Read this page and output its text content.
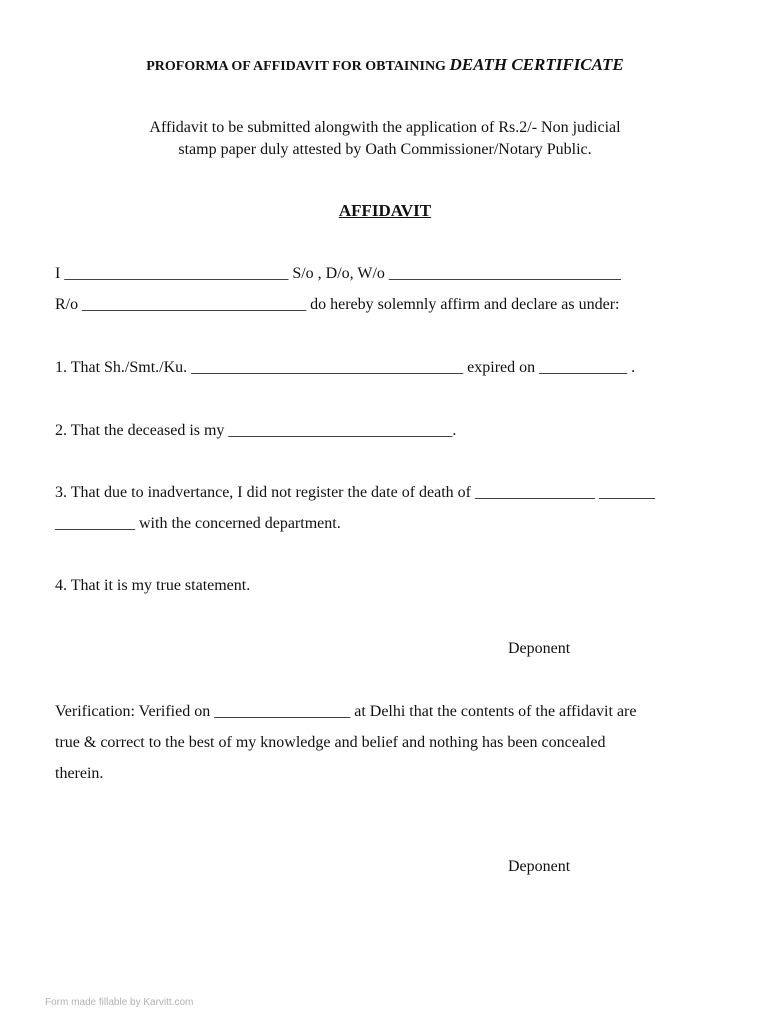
PROFORMA OF AFFIDAVIT FOR OBTAINING DEATH CERTIFICATE

Affidavit to be submitted alongwith the application of Rs.2/- Non judicial

stamp paper duly attested by Oath Commissioner/Notary Public.

AFFIDAVIT

I ____________________________ S/o , D/o, W/o _____________________________

R/o ____________________________ do hereby solemnly affirm and declare as under:

1. That Sh./Smt./Ku. __________________________________ expired on ___________ .

2. That the deceased is my ____________________________.

3. That due to inadvertance, I did not register the date of death of _______________ _______

__________ with the concerned department.

4. That it is my true statement.

Deponent

Verification: Verified on _________________ at Delhi that the contents of the affidavit are

true & correct to the best of my knowledge and belief and nothing has been concealed

therein.

Deponent

Form made fillable by Karvitt.com
